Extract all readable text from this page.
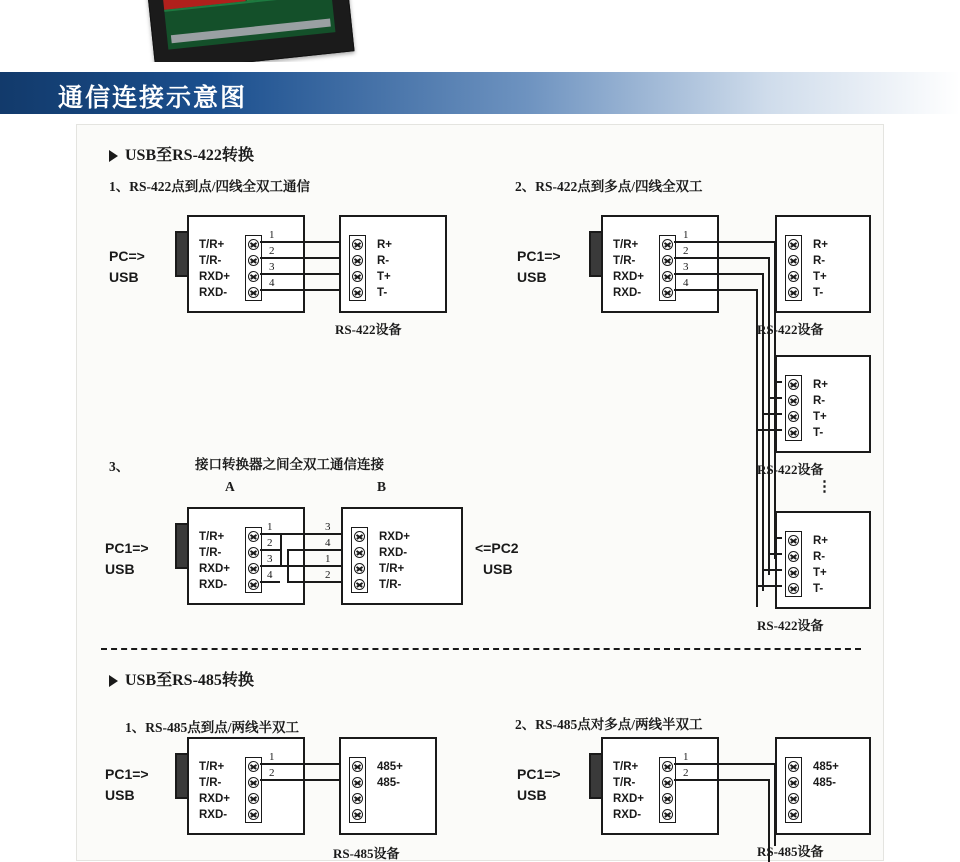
通信连接示意图
USB至RS-422转换
1、RS-422点到点/四线全双工通信
PC=>
USB
T/R+
T/R-
RXD+
RXD-
1
2
3
4
R+
R-
T+
T-
RS-422设备
2、RS-422点到多点/四线全双工
PC1=>
USB
T/R+
T/R-
RXD+
RXD-
1
2
3
4
R+
R-
T+
T-
RS-422设备
R+
R-
T+
T-
RS-422设备
⋮
R+
R-
T+
T-
RS-422设备
3、	接口转换器之间全双工通信连接
A	B
PC1=>
USB
T/R+
T/R-
RXD+
RXD-
1
2
3
4
3
4
1
2
RXD+
RXD-
T/R+
T/R-
<=PC2
USB
USB至RS-485转换
1、RS-485点到点/两线半双工
PC1=>
USB
T/R+
T/R-
RXD+
RXD-
1
2	485+
485-
RS-485设备
2、RS-485点对多点/两线半双工
PC1=>
USB
T/R+
T/R-
RXD+
RXD-
1
2	485+
485-
RS-485设备
